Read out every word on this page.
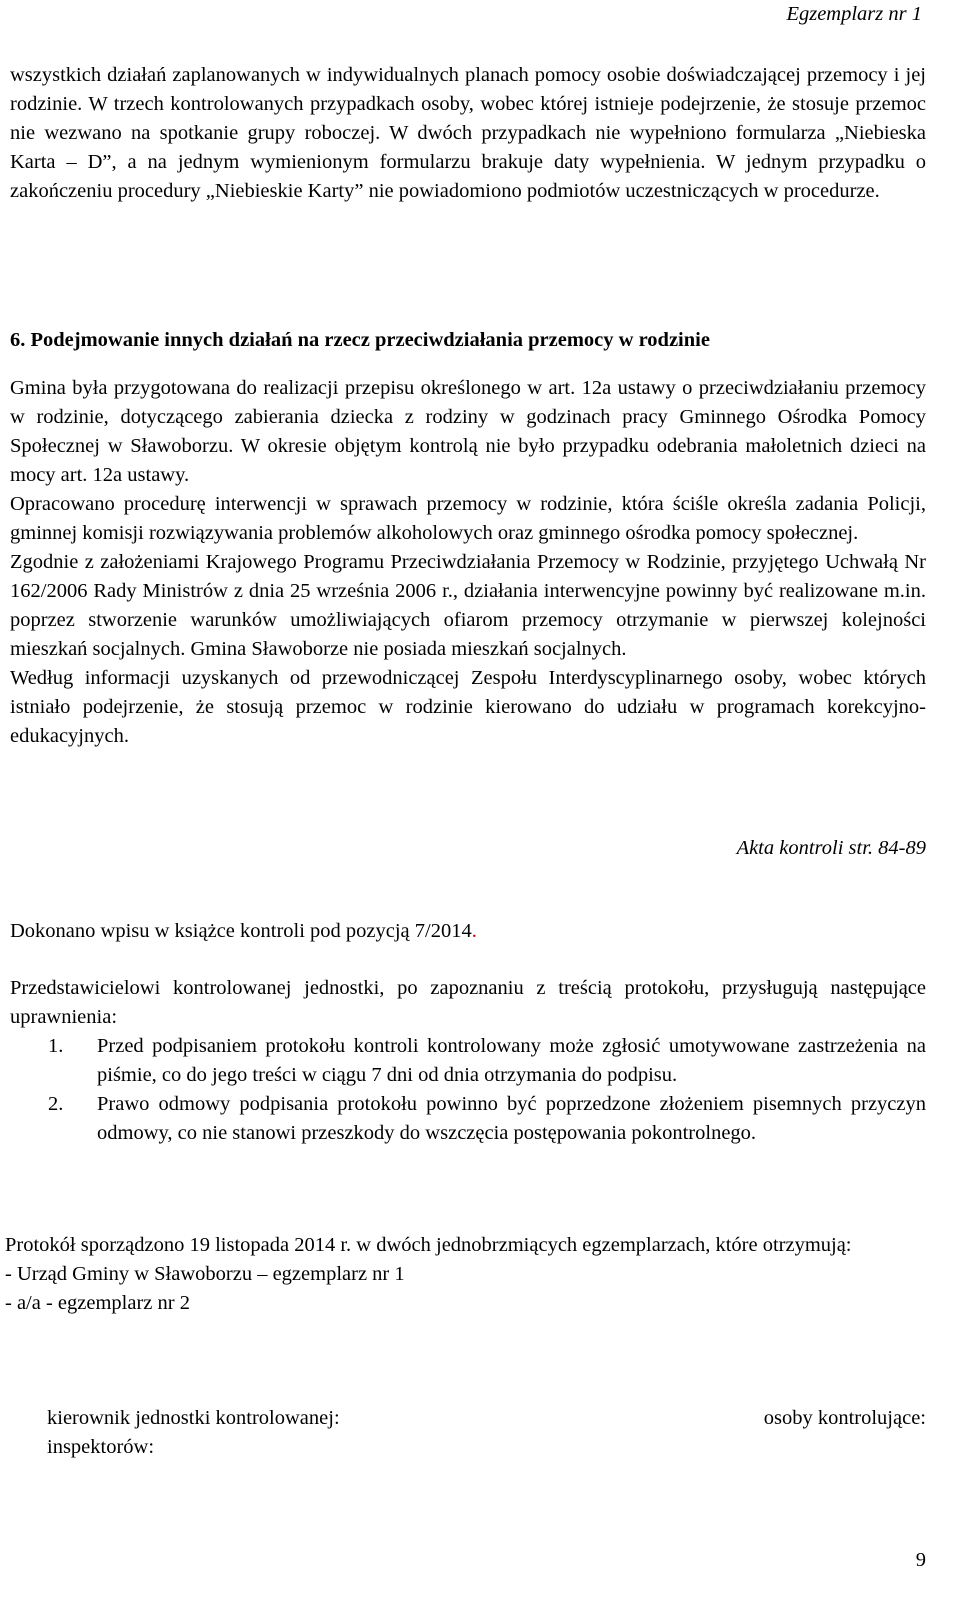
Egzemplarz nr 1
wszystkich działań zaplanowanych w indywidualnych planach pomocy osobie doświadczającej przemocy i jej rodzinie. W trzech kontrolowanych przypadkach osoby, wobec której istnieje podejrzenie, że stosuje przemoc nie wezwano na spotkanie grupy roboczej. W dwóch przypadkach nie wypełniono formularza „Niebieska Karta – D”, a na jednym wymienionym formularzu brakuje daty wypełnienia. W jednym przypadku o zakończeniu procedury „Niebieskie Karty” nie powiadomiono podmiotów uczestniczących w procedurze.
6. Podejmowanie innych działań na rzecz przeciwdziałania przemocy w rodzinie

Gmina była przygotowana do realizacji przepisu określonego w art. 12a ustawy o przeciwdziałaniu przemocy w rodzinie, dotyczącego zabierania dziecka z rodziny w godzinach pracy Gminnego Ośrodka Pomocy Społecznej w Sławoborzu. W okresie objętym kontrolą nie było przypadku odebrania małoletnich dzieci na mocy art. 12a ustawy.

Opracowano procedurę interwencji w sprawach przemocy w rodzinie, która ściśle określa zadania Policji, gminnej komisji rozwiązywania problemów alkoholowych oraz gminnego ośrodka pomocy społecznej.

Zgodnie z założeniami Krajowego Programu Przeciwdziałania Przemocy w Rodzinie, przyjętego Uchwałą Nr 162/2006 Rady Ministrów z dnia 25 września 2006 r., działania interwencyjne powinny być realizowane m.in. poprzez stworzenie warunków umożliwiających ofiarom przemocy otrzymanie w pierwszej kolejności mieszkań socjalnych. Gmina Sławoborze nie posiada mieszkań socjalnych.

Według informacji uzyskanych od przewodniczącej Zespołu Interdyscyplinarnego osoby, wobec których istniało podejrzenie, że stosują przemoc w rodzinie kierowano do udziału w programach korekcyjno-edukacyjnych.

Akta kontroli str. 84-89
Dokonano wpisu w książce kontroli pod pozycją 7/2014.
Przedstawicielowi kontrolowanej jednostki, po zapoznaniu z treścią protokołu, przysługują następujące uprawnienia:
1. Przed podpisaniem protokołu kontroli kontrolowany może zgłosić umotywowane zastrzeżenia na piśmie, co do jego treści w ciągu 7 dni od dnia otrzymania do podpisu.
2. Prawo odmowy podpisania protokołu powinno być poprzedzone złożeniem pisemnych przyczyn odmowy, co nie stanowi przeszkody do wszczęcia postępowania pokontrolnego.
Protokół sporządzono 19 listopada 2014 r. w dwóch jednobrzmiących egzemplarzach, które otrzymują:
- Urząd Gminy w Sławoborzu – egzemplarz nr 1
- a/a - egzemplarz nr 2
kierownik jednostki kontrolowanej:
inspektorów:
osoby kontrolujące:
9
